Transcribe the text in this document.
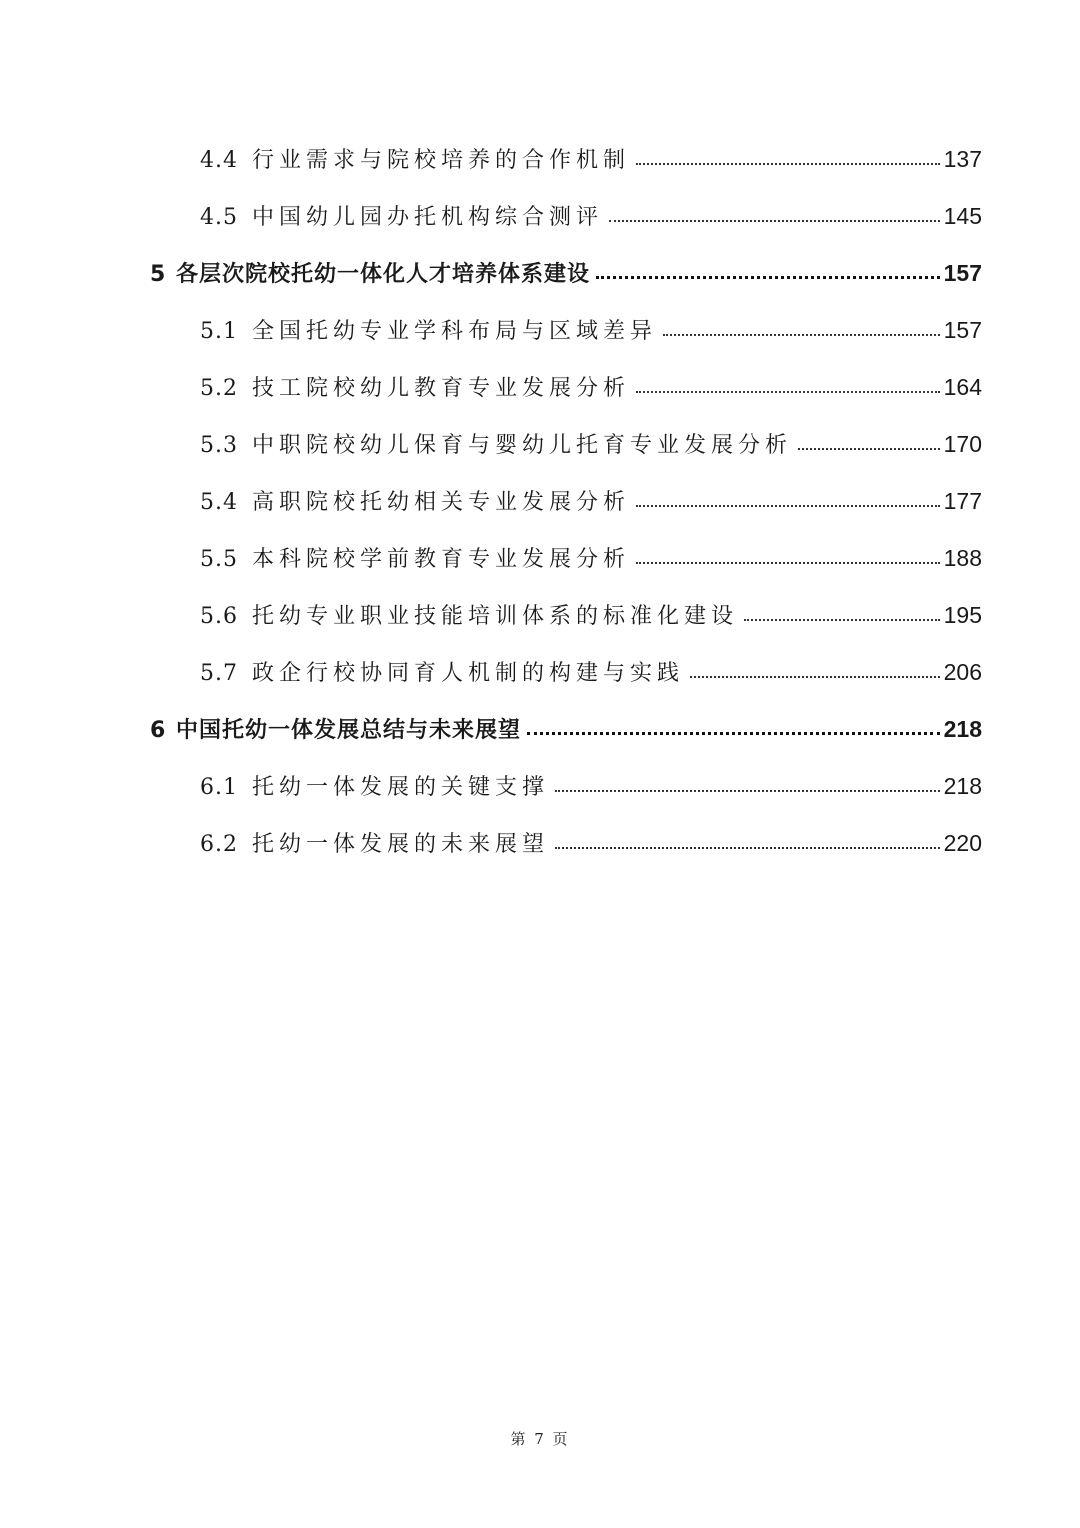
4.4 行业需求与院校培养的合作机制	137
4.5 中国幼儿园办托机构综合测评	145
5 各层次院校托幼一体化人才培养体系建设	157
5.1 全国托幼专业学科布局与区域差异	157
5.2 技工院校幼儿教育专业发展分析	164
5.3 中职院校幼儿保育与婴幼儿托育专业发展分析	170
5.4 高职院校托幼相关专业发展分析	177
5.5 本科院校学前教育专业发展分析	188
5.6 托幼专业职业技能培训体系的标准化建设	195
5.7 政企行校协同育人机制的构建与实践	206
6 中国托幼一体发展总结与未来展望	218
6.1 托幼一体发展的关键支撑	218
6.2 托幼一体发展的未来展望	220
第 7 页
